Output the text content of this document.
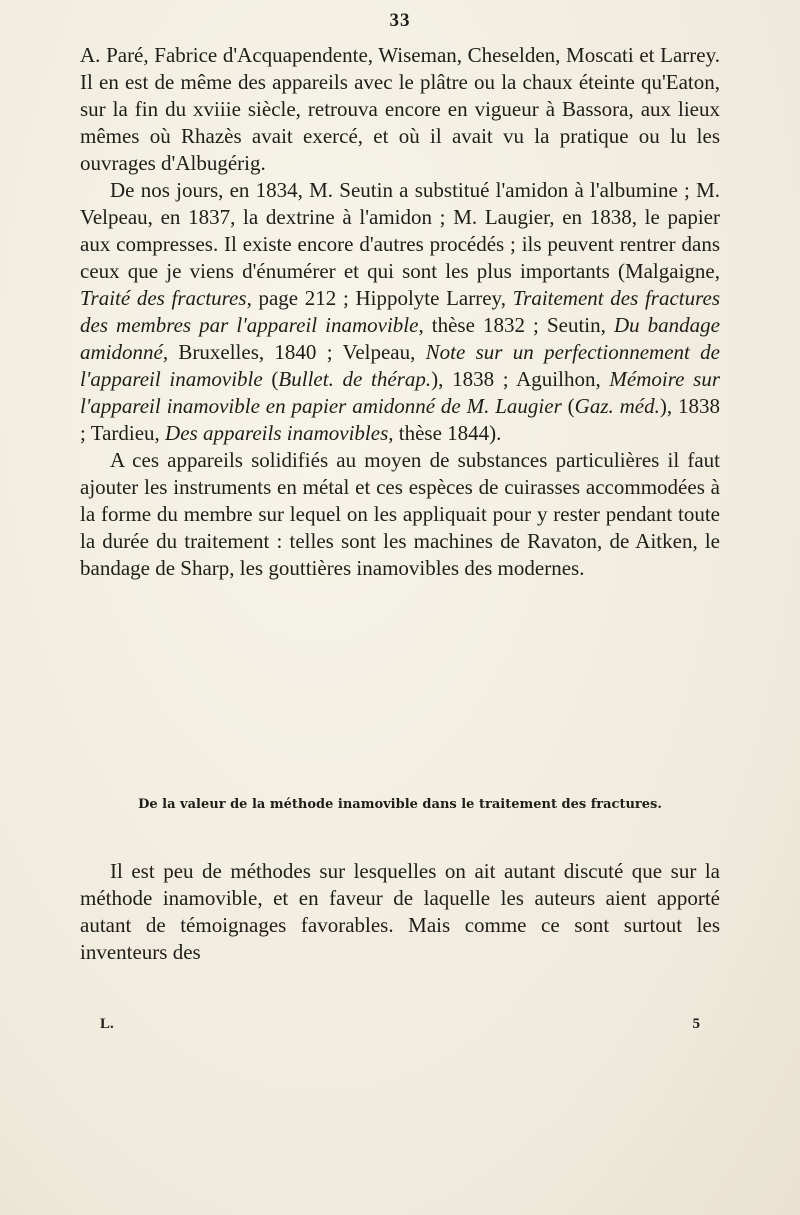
33

A. Paré, Fabrice d'Acquapendente, Wiseman, Cheselden, Moscati et Larrey. Il en est de même des appareils avec le plâtre ou la chaux éteinte qu'Eaton, sur la fin du xviiie siècle, retrouva encore en vigueur à Bassora, aux lieux mêmes où Rhazès avait exercé, et où il avait vu la pratique ou lu les ouvrages d'Albugérig.

De nos jours, en 1834, M. Seutin a substitué l'amidon à l'albumine ; M. Velpeau, en 1837, la dextrine à l'amidon ; M. Laugier, en 1838, le papier aux compresses. Il existe encore d'autres procédés ; ils peuvent rentrer dans ceux que je viens d'énumérer et qui sont les plus importants (Malgaigne, Traité des fractures, page 212 ; Hippolyte Larrey, Traitement des fractures des membres par l'appareil inamovible, thèse 1832 ; Seutin, Du bandage amidonné, Bruxelles, 1840 ; Velpeau, Note sur un perfectionnement de l'appareil inamovible (Bullet. de thérap.), 1838 ; Aguilhon, Mémoire sur l'appareil inamovible en papier amidonné de M. Laugier (Gaz. méd.), 1838 ; Tardieu, Des appareils inamovibles, thèse 1844).

A ces appareils solidifiés au moyen de substances particulières il faut ajouter les instruments en métal et ces espèces de cuirasses accommodées à la forme du membre sur lequel on les appliquait pour y rester pendant toute la durée du traitement : telles sont les machines de Ravaton, de Aitken, le bandage de Sharp, les gouttières inamovibles des modernes.

De la valeur de la méthode inamovible dans le traitement des fractures.

Il est peu de méthodes sur lesquelles on ait autant discuté que sur la méthode inamovible, et en faveur de laquelle les auteurs aient apporté autant de témoignages favorables. Mais comme ce sont surtout les inventeurs des

L.	5
